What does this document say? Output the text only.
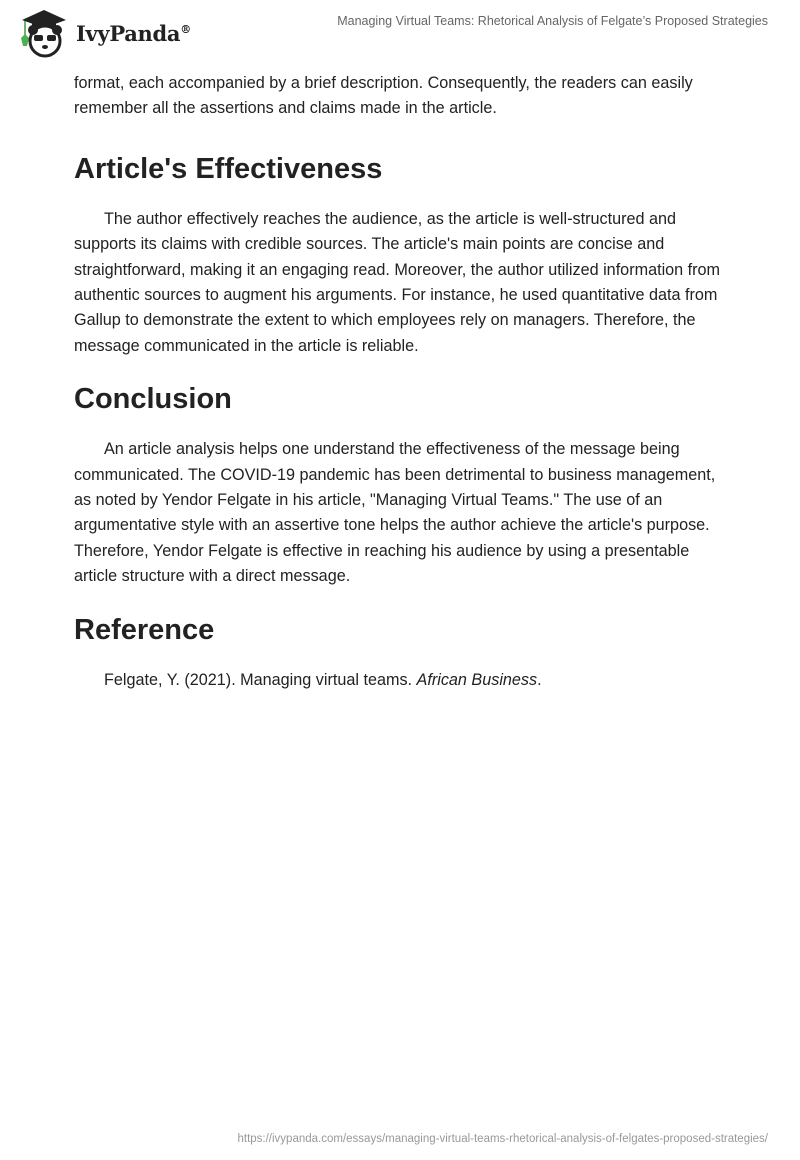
IvyPanda®
Managing Virtual Teams: Rhetorical Analysis of Felgate’s Proposed Strategies

format, each accompanied by a brief description. Consequently, the readers can easily remember all the assertions and claims made in the article.

Article's Effectiveness

The author effectively reaches the audience, as the article is well-structured and supports its claims with credible sources. The article's main points are concise and straightforward, making it an engaging read. Moreover, the author utilized information from authentic sources to augment his arguments. For instance, he used quantitative data from Gallup to demonstrate the extent to which employees rely on managers. Therefore, the message communicated in the article is reliable.

Conclusion

An article analysis helps one understand the effectiveness of the message being communicated. The COVID-19 pandemic has been detrimental to business management, as noted by Yendor Felgate in his article, "Managing Virtual Teams." The use of an argumentative style with an assertive tone helps the author achieve the article's purpose. Therefore, Yendor Felgate is effective in reaching his audience by using a presentable article structure with a direct message.

Reference

Felgate, Y. (2021). Managing virtual teams. African Business.

https://ivypanda.com/essays/managing-virtual-teams-rhetorical-analysis-of-felgates-proposed-strategies/
